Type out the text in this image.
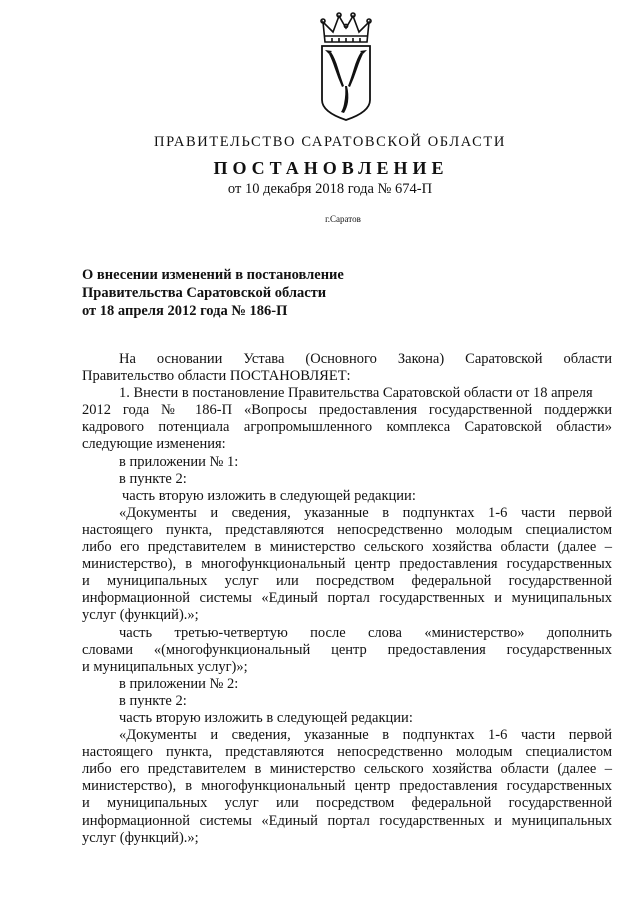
ПРАВИТЕЛЬСТВО САРАТОВСКОЙ ОБЛАСТИ
ПОСТАНОВЛЕНИЕ
от 10 декабря 2018 года № 674-П
г.Саратов
О внесении изменений в постановление
Правительства Саратовской области
от 18 апреля 2012 года № 186-П
На основании Устава (Основного Закона) Саратовской области
Правительство области ПОСТАНОВЛЯЕТ:
1. Внести в постановление Правительства Саратовской области от 18 апреля
2012 года № 186-П «Вопросы предоставления государственной поддержки
кадрового потенциала агропромышленного комплекса Саратовской области»
следующие изменения:
в приложении № 1:
в пункте 2:
часть вторую изложить в следующей редакции:
«Документы и сведения, указанные в подпунктах 1-6 части первой
настоящего пункта, представляются непосредственно молодым специалистом
либо его представителем в министерство сельского хозяйства области (далее –
министерство), в многофункциональный центр предоставления государственных
и муниципальных услуг или посредством федеральной государственной
информационной системы «Единый портал государственных и муниципальных
услуг (функций).»;
часть третью-четвертую после слова «министерство» дополнить
словами «(многофункциональный центр предоставления государственных
и муниципальных услуг)»;
в приложении № 2:
в пункте 2:
часть вторую изложить в следующей редакции:
«Документы и сведения, указанные в подпунктах 1-6 части первой
настоящего пункта, представляются непосредственно молодым специалистом
либо его представителем в министерство сельского хозяйства области (далее –
министерство), в многофункциональный центр предоставления государственных
и муниципальных услуг или посредством федеральной государственной
информационной системы «Единый портал государственных и муниципальных
услуг (функций).»;
